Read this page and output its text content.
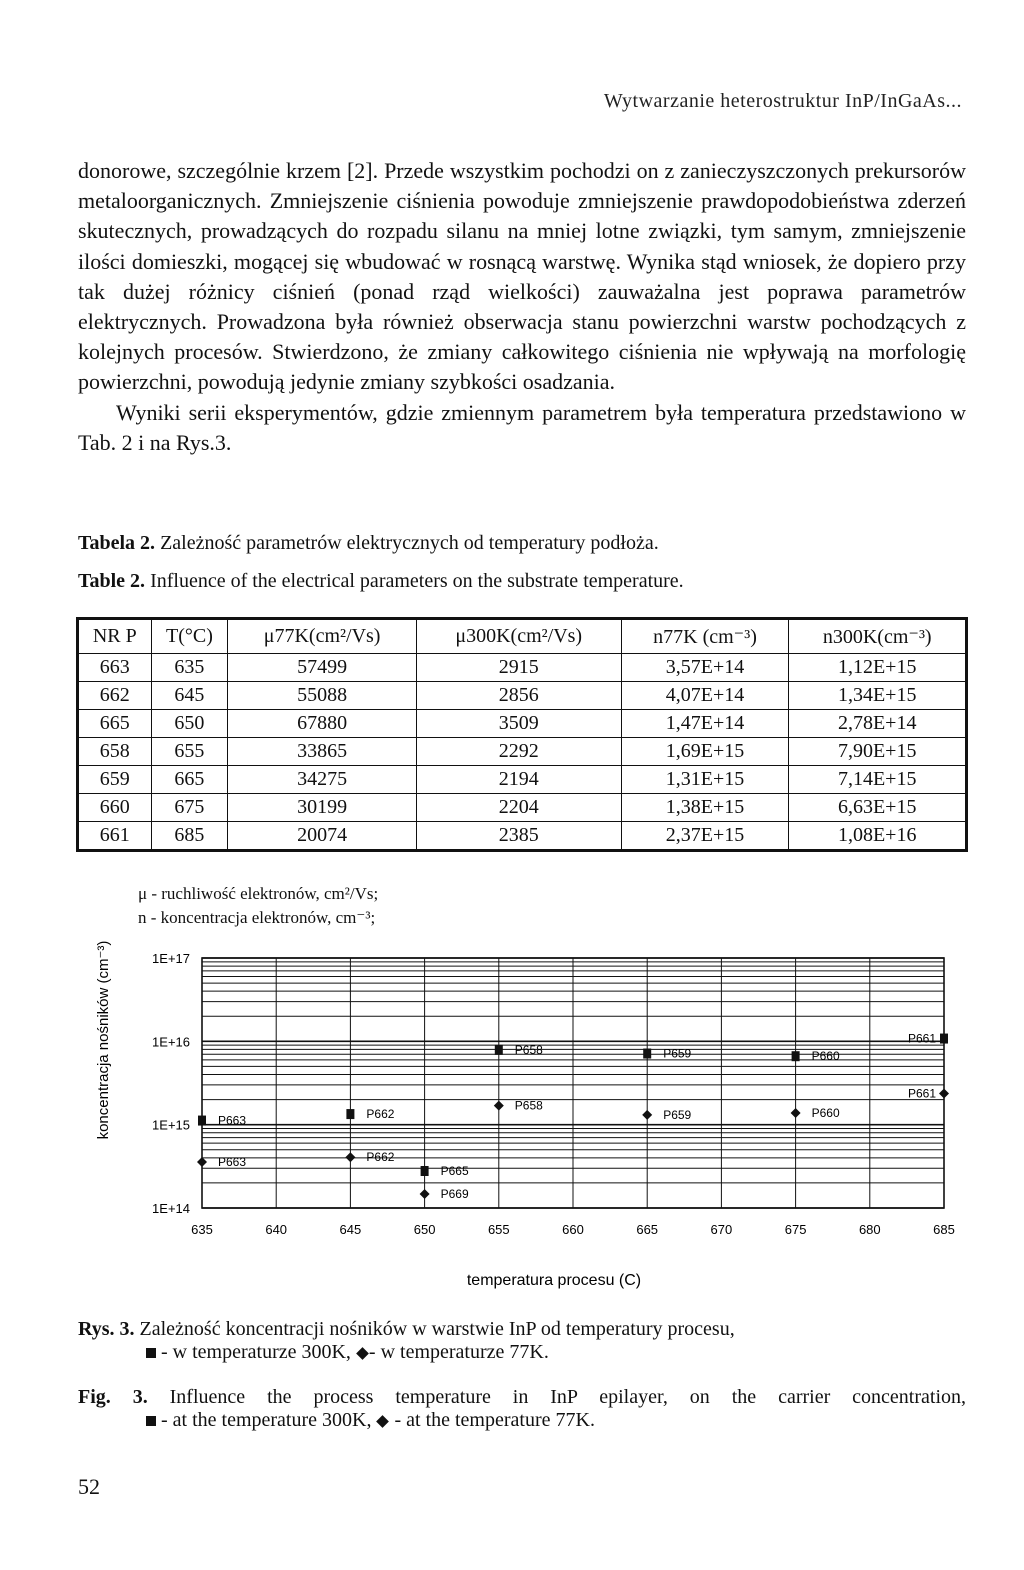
Wytwarzanie heterostruktur InP/InGaAs...

donorowe, szczególnie krzem [2]. Przede wszystkim pochodzi on z zanieczyszczonych prekursorów metaloorganicznych. Zmniejszenie ciśnienia powoduje zmniejszenie prawdopodobieństwa zderzeń skutecznych, prowadzących do rozpadu silanu na mniej lotne związki, tym samym, zmniejszenie ilości domieszki, mogącej się wbudować w rosnącą warstwę. Wynika stąd wniosek, że dopiero przy tak dużej różnicy ciśnień (ponad rząd wielkości) zauważalna jest poprawa parametrów elektrycznych. Prowadzona była również obserwacja stanu powierzchni warstw pochodzących z kolejnych procesów. Stwierdzono, że zmiany całkowitego ciśnienia nie wpływają na morfologię powierzchni, powodują jedynie zmiany szybkości osadzania.

Wyniki serii eksperymentów, gdzie zmiennym parametrem była temperatura przedstawiono w Tab. 2 i na Rys.3.

Tabela 2. Zależność parametrów elektrycznych od temperatury podłoża.
Table 2. Influence of the electrical parameters on the substrate temperature.
NR P	T(°C)	μ77K(cm²/Vs)	μ300K(cm²/Vs)	n77K (cm⁻³)	n300K(cm⁻³)
663	635	57499	2915	3,57E+14	1,12E+15
662	645	55088	2856	4,07E+14	1,34E+15
665	650	67880	3509	1,47E+14	2,78E+14
658	655	33865	2292	1,69E+15	7,90E+15
659	665	34275	2194	1,31E+15	7,14E+15
660	675	30199	2204	1,38E+15	6,63E+15
661	685	20074	2385	2,37E+15	1,08E+16
μ - ruchliwość elektronów, cm²/Vs;
n - koncentracja elektronów, cm⁻³;
635	640	645	650	655	660	665	670	675	680	685
1E+14
1E+15
1E+16
1E+17
P663	P662
P665
P658	P659	P660
P661
P663	P662
P669
P658
P659	P660
P661
koncentracja nośników (cm⁻³)
temperatura procesu (C)

Rys. 3. Zależność koncentracji nośników w warstwie InP od temperatury procesu,

- w temperaturze 300K, - w temperaturze 77K.

Fig. 3. Influence the process temperature in InP epilayer, on the carrier concentration,

- at the temperature 300K,  - at the temperature 77K.

52
